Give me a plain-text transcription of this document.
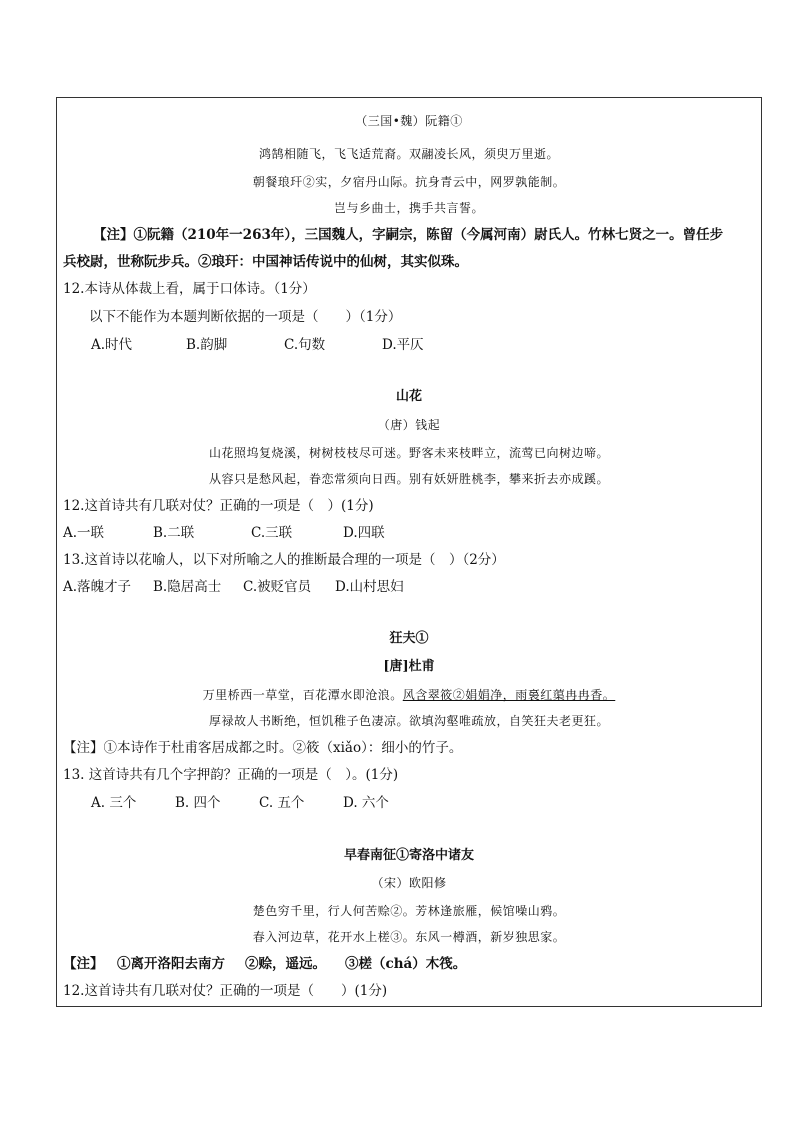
（三国•魏）阮籍①
鸿鹄相随飞，飞飞适荒裔。双翮凌长风，须臾万里逝。
朝餐琅玕②实，夕宿丹山际。抗身青云中，网罗孰能制。
岂与乡曲士，携手共言誓。
【注】①阮籍（210年一263年），三国魏人，字嗣宗，陈留（今属河南）尉氏人。竹林七贤之一。曾任步
兵校尉，世称阮步兵。②琅玕：中国神话传说中的仙树，其实似珠。
12.本诗从体裁上看，属于口体诗。（1分）
以下不能作为本题判断依据的一项是（　　）（1分）
A.时代	B.韵脚	C.句数	D.平仄
山花
（唐）钱起
山花照坞复烧溪，树树枝枝尽可迷。野客未来枝畔立，流莺已向树边啼。
从容只是愁风起，眷恋常须向日西。别有妖妍胜桃李，攀来折去亦成蹊。
12.这首诗共有几联对仗？正确的一项是（　）(1分)
A.一联	B.二联	C.三联	D.四联
13.这首诗以花喻人，以下对所喻之人的推断最合理的一项是（　）（2分）
A.落魄才子 B.隐居高士 C.被贬官员 D.山村思妇
狂夫①
[唐]杜甫
万里桥西一草堂，百花潭水即沧浪。风含翠筱②娟娟净，雨裛红蕖冉冉香。
厚禄故人书断绝，恒饥稚子色凄凉。欲填沟壑唯疏放，自笑狂夫老更狂。
【注】①本诗作于杜甫客居成都之时。②筱（xiǎo）：细小的竹子。
13. 这首诗共有几个字押韵？正确的一项是（　）。(1分)
A. 三个	B. 四个	C. 五个	D. 六个
早春南征①寄洛中诸友
（宋）欧阳修
楚色穷千里，行人何苦赊②。芳林逢旅雁，候馆噪山鸦。
春入河边草，花开水上槎③。东风一樽酒，新岁独思家。
【注】 ①离开洛阳去南方 ②赊，遥远。 ③槎（chá）木筏。
12.这首诗共有几联对仗？正确的一项是（　　）(1分)
